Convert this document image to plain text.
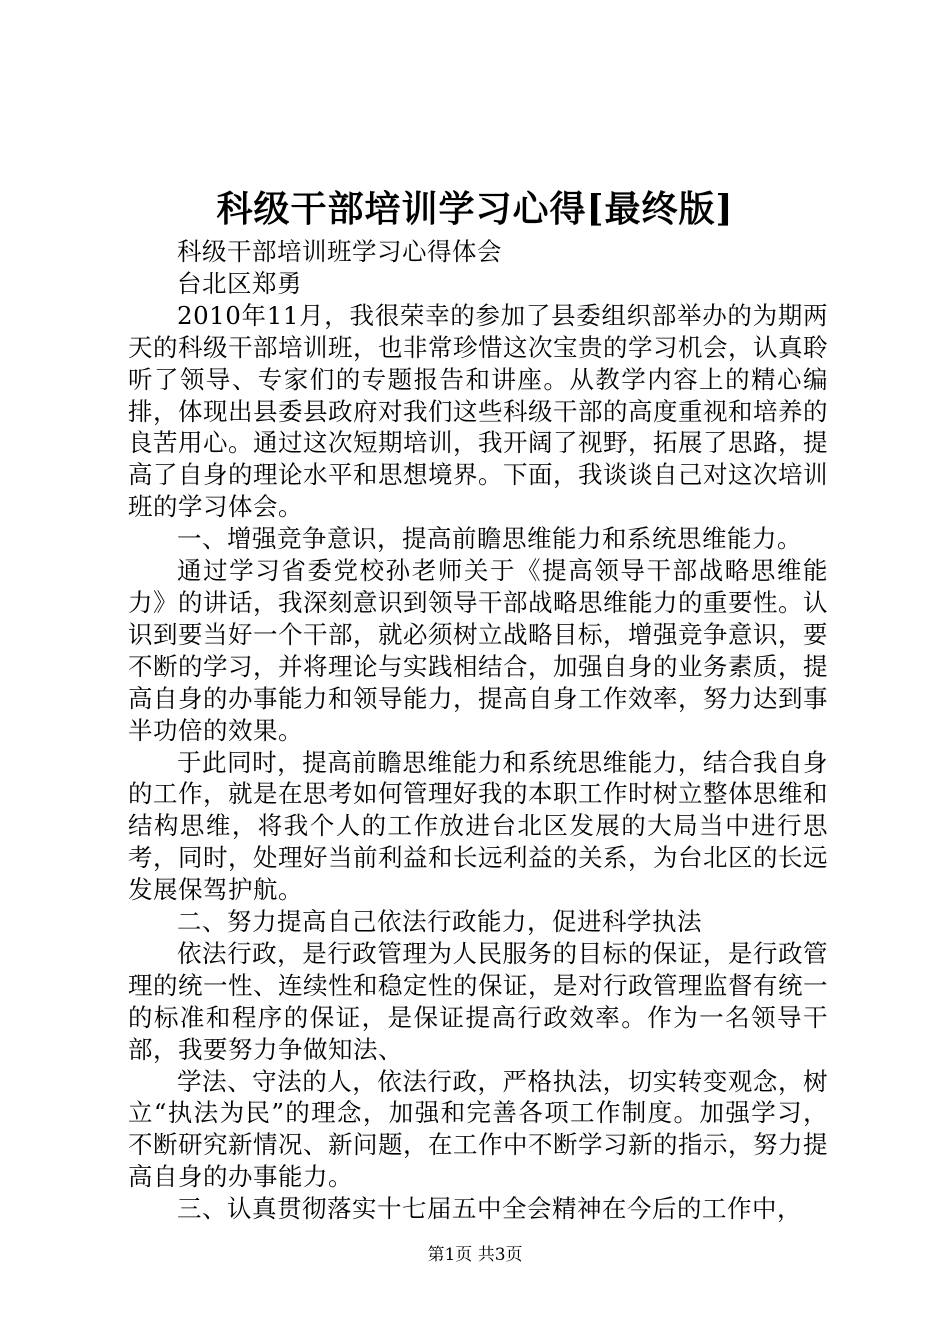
科级干部培训学习心得[最终版]

科级干部培训班学习心得体会

台北区郑勇

2010年11月，我很荣幸的参加了县委组织部举办的为期两天的科级干部培训班，也非常珍惜这次宝贵的学习机会，认真聆听了领导、专家们的专题报告和讲座。从教学内容上的精心编排，体现出县委县政府对我们这些科级干部的高度重视和培养的良苦用心。通过这次短期培训，我开阔了视野，拓展了思路，提高了自身的理论水平和思想境界。下面，我谈谈自己对这次培训班的学习体会。

一、增强竞争意识，提高前瞻思维能力和系统思维能力。

通过学习省委党校孙老师关于《提高领导干部战略思维能力》的讲话，我深刻意识到领导干部战略思维能力的重要性。认识到要当好一个干部，就必须树立战略目标，增强竞争意识，要不断的学习，并将理论与实践相结合，加强自身的业务素质，提高自身的办事能力和领导能力，提高自身工作效率，努力达到事半功倍的效果。

于此同时，提高前瞻思维能力和系统思维能力，结合我自身的工作，就是在思考如何管理好我的本职工作时树立整体思维和结构思维，将我个人的工作放进台北区发展的大局当中进行思考，同时，处理好当前利益和长远利益的关系，为台北区的长远发展保驾护航。

二、努力提高自己依法行政能力，促进科学执法

依法行政，是行政管理为人民服务的目标的保证，是行政管理的统一性、连续性和稳定性的保证，是对行政管理监督有统一的标准和程序的保证，是保证提高行政效率。作为一名领导干部，我要努力争做知法、

学法、守法的人，依法行政，严格执法，切实转变观念，树立“执法为民”的理念，加强和完善各项工作制度。加强学习，不断研究新情况、新问题，在工作中不断学习新的指示，努力提高自身的办事能力。

三、认真贯彻落实十七届五中全会精神在今后的工作中，

第1页 共3页
